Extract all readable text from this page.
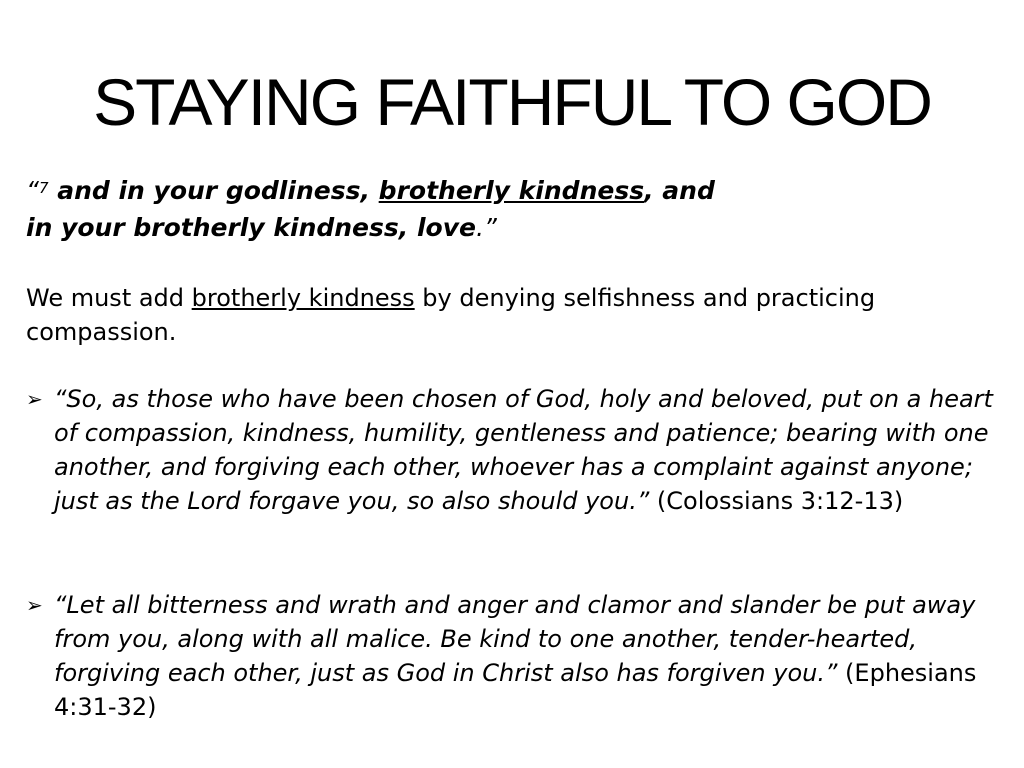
STAYING FAITHFUL TO GOD
“$^7$ and in your godliness, brotherly kindness, and
in your brotherly kindness, love.”
We must add brotherly kindness by denying selfishness and practicing compassion.
➢ “So, as those who have been chosen of God, holy and beloved, put on a heart of compassion, kindness, humility, gentleness and patience; bearing with one another, and forgiving each other, whoever has a complaint against anyone; just as the Lord forgave you, so also should you.” (Colossians 3:12-13)
➢ “Let all bitterness and wrath and anger and clamor and slander be put away from you, along with all malice. Be kind to one another, tender-hearted, forgiving each other, just as God in Christ also has forgiven you.” (Ephesians 4:31-32)
